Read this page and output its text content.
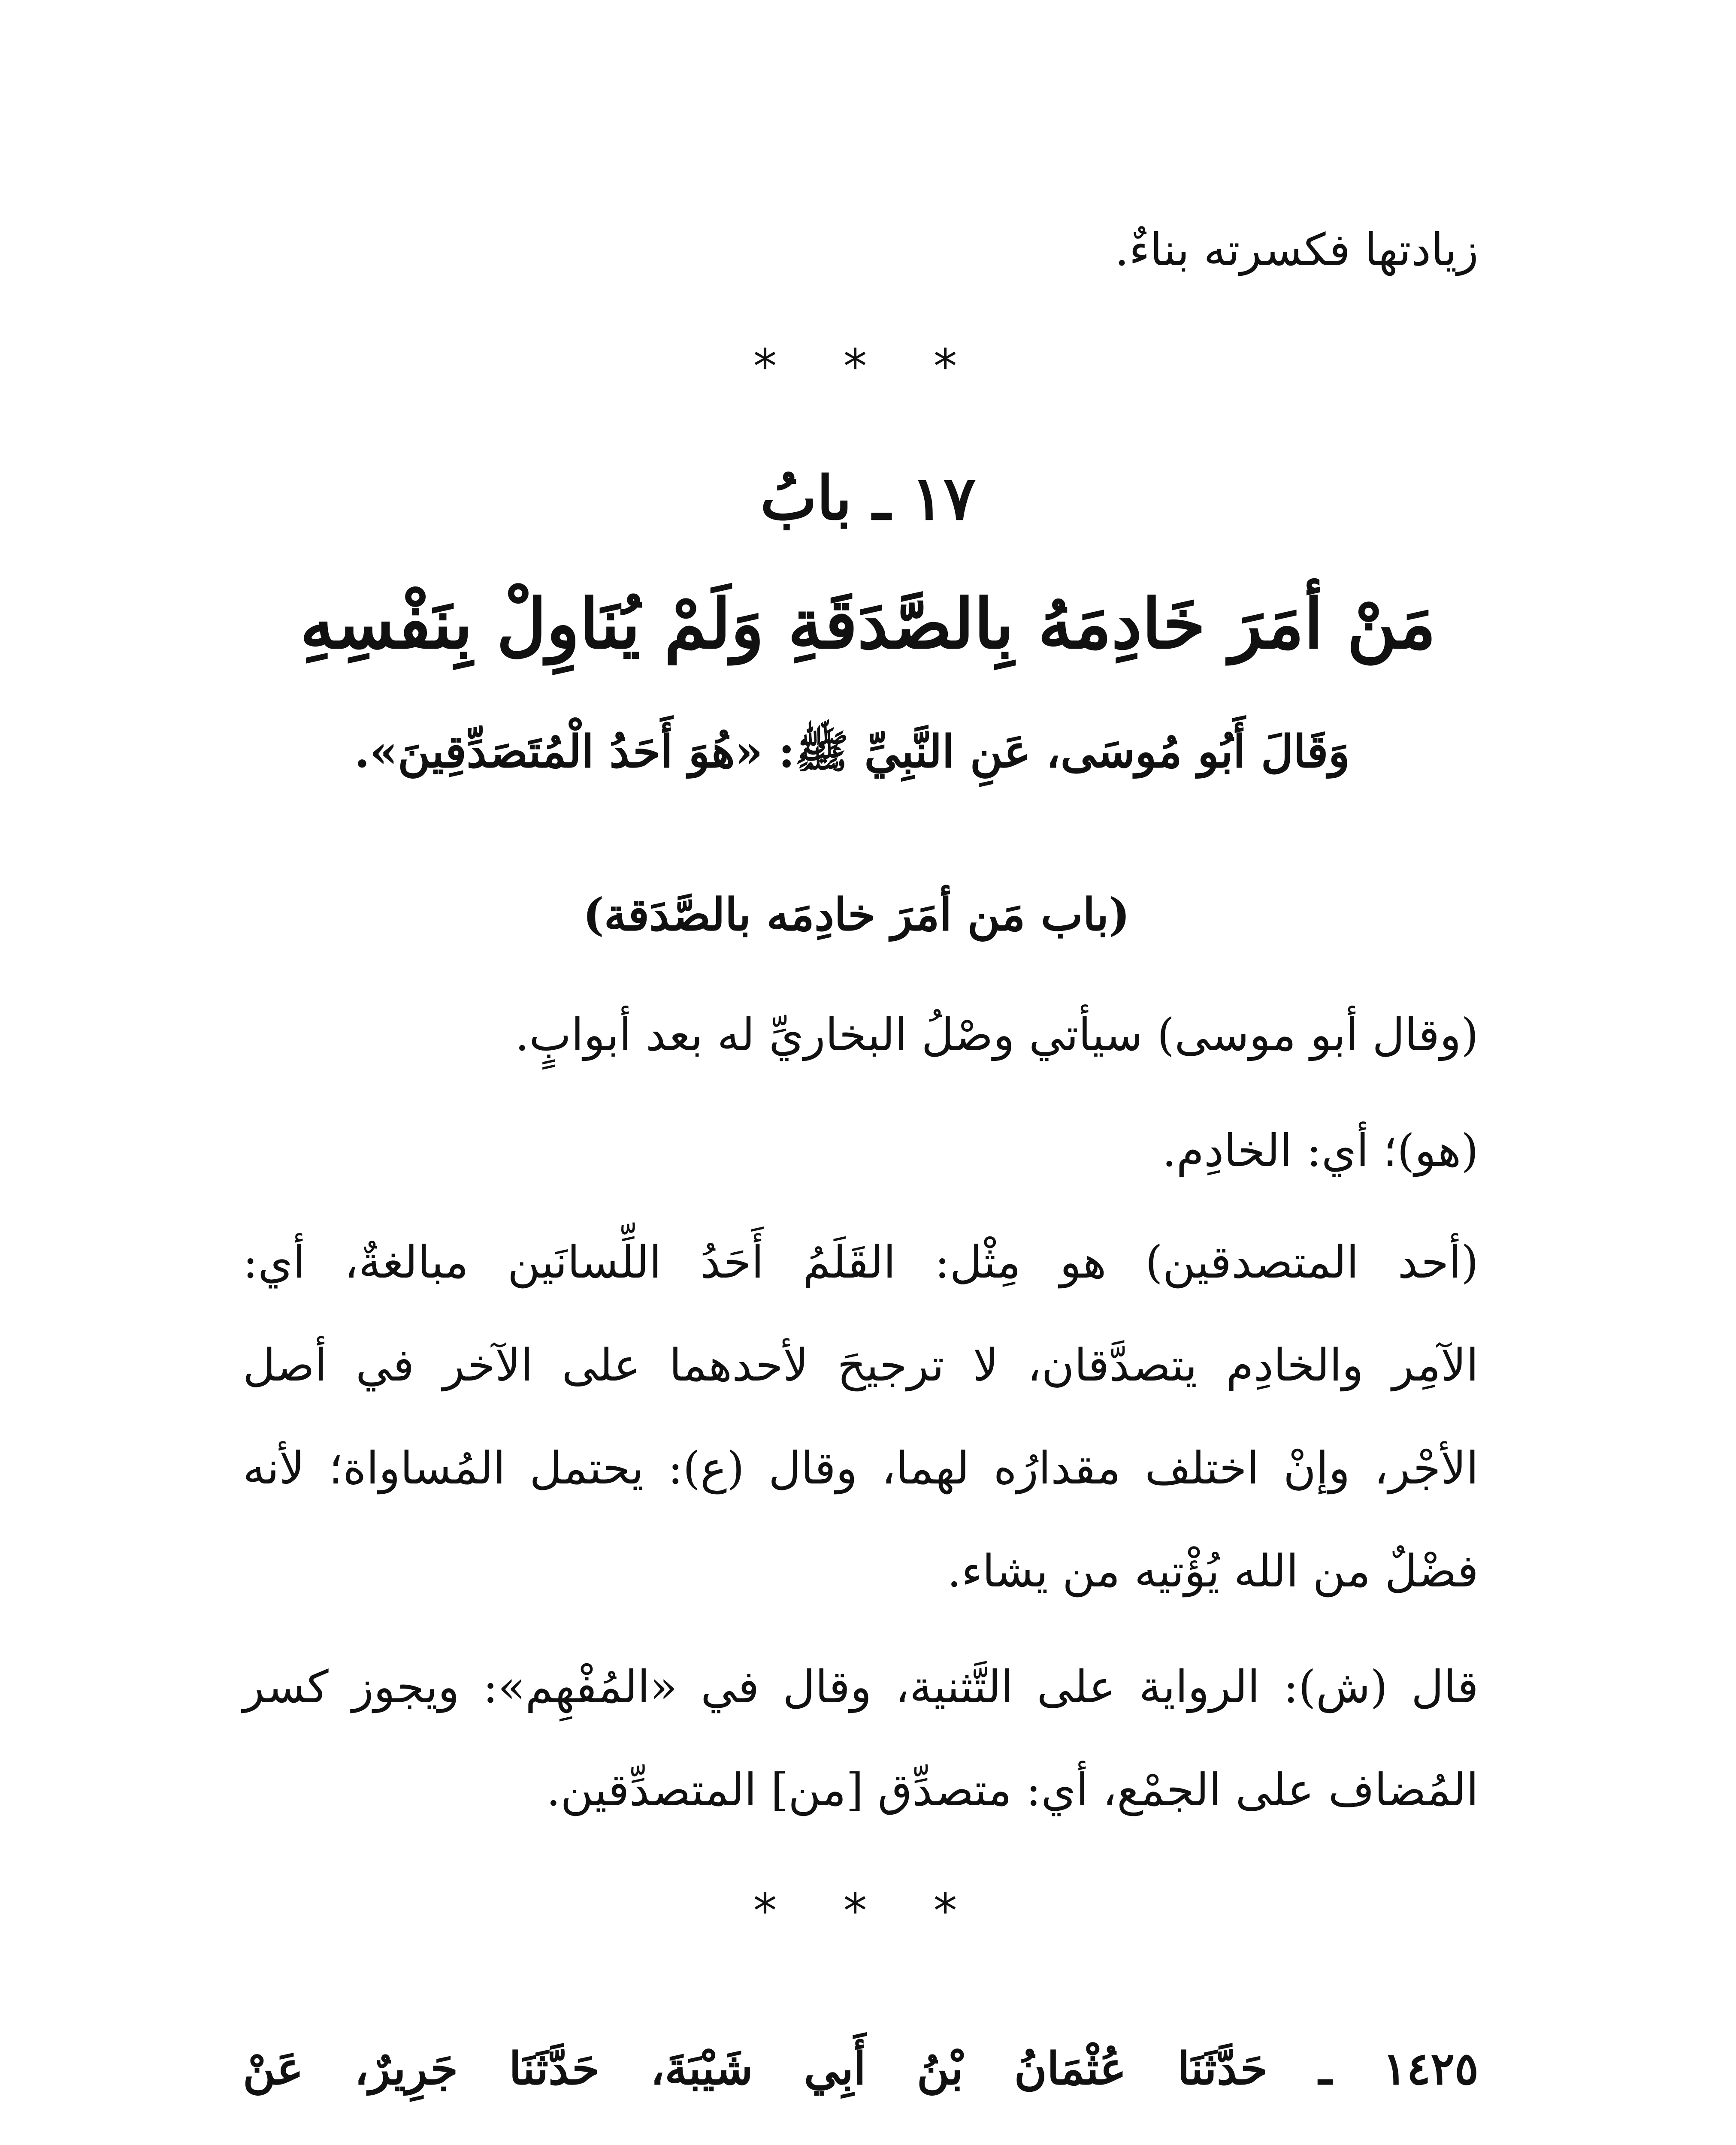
زيادتها فكسرته بناءٌ.
* * *
١٧ ـ بابُ
مَنْ أمَرَ خَادِمَهُ بِالصَّدَقَةِ وَلَمْ يُنَاوِلْ بِنَفْسِهِ
وَقَالَ أَبُو مُوسَى، عَنِ النَّبِيِّ ﷺ: «هُوَ أَحَدُ الْمُتَصَدِّقِينَ».
(باب مَن أمَرَ خادِمَه بالصَّدَقة)
(وقال أبو موسى) سيأتي وصْلُ البخاريِّ له بعد أبوابٍ.
(هو)؛ أي: الخادِم.
(أحد المتصدقين) هو مِثْل: القَلَمُ أَحَدُ اللِّسانَين مبالغةٌ، أي:
الآمِر والخادِم يتصدَّقان، لا ترجيحَ لأحدهما على الآخر في أصل
الأجْر، وإنْ اختلف مقدارُه لهما، وقال (ع): يحتمل المُساواة؛ لأنه
فضْلٌ من الله يُؤْتيه من يشاء.
قال (ش): الرواية على التَّثنية، وقال في «المُفْهِم»: ويجوز كسر
المُضاف على الجمْع، أي: متصدِّق [من] المتصدِّقين.
* * *
١٤٢٥ ـ حَدَّثَنَا عُثْمَانُ بْنُ أَبِي شَيْبَةَ، حَدَّثَنَا جَرِيرٌ، عَنْ
